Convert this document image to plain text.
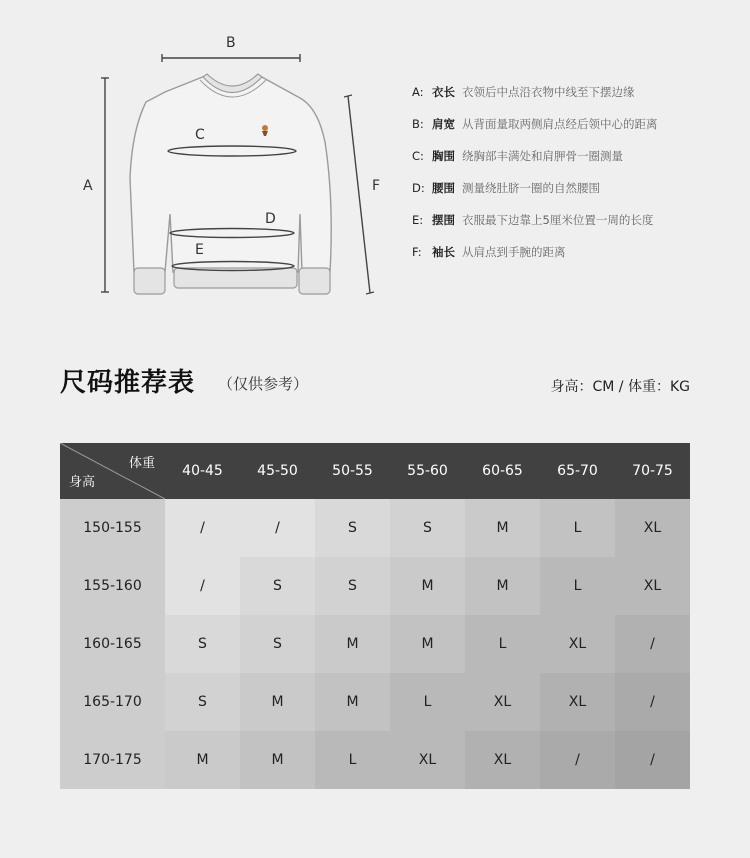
B
A	F
C
D
E
A: 衣长 衣领后中点沿衣物中线至下摆边缘
B: 肩宽 从背面量取两侧肩点经后领中心的距离
C: 胸围 绕胸部丰满处和肩胛骨一圈测量
D: 腰围 测量绕肚脐一圈的自然腰围
E: 摆围 衣服最下边靠上5厘米位置一周的长度
F: 袖长 从肩点到手腕的距离
尺码推荐表 （仅供参考）	身高：CM / 体重：KG
体重
身高
40-45	45-50	50-55	55-60	60-65	65-70	70-75
150-155	/	/	S	S	M	L	XL
155-160	/	S	S	M	M	L	XL
160-165	S	S	M	M	L	XL	/
165-170	S	M	M	L	XL	XL	/
170-175	M	M	L	XL	XL	/	/
